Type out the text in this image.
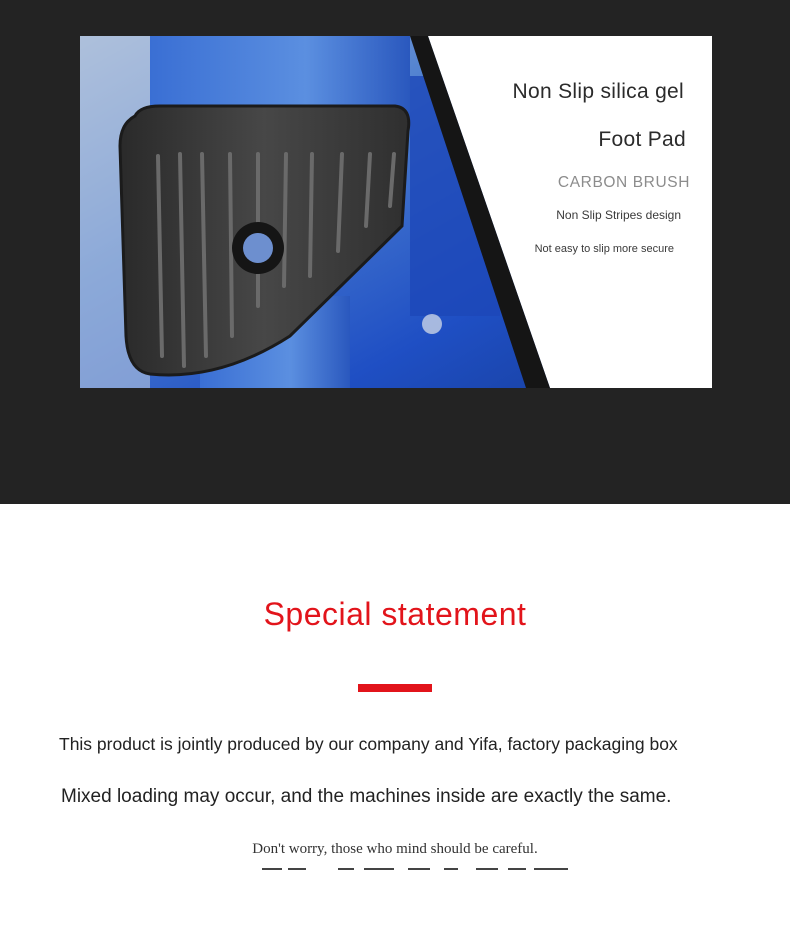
Non Slip silica gel
Foot Pad
CARBON BRUSH
Non Slip Stripes design
Not easy to slip more secure
Special statement
This product is jointly produced by our company and Yifa, factory packaging box
Mixed loading may occur, and the machines inside are exactly the same.
Don't worry, those who mind should be careful.
